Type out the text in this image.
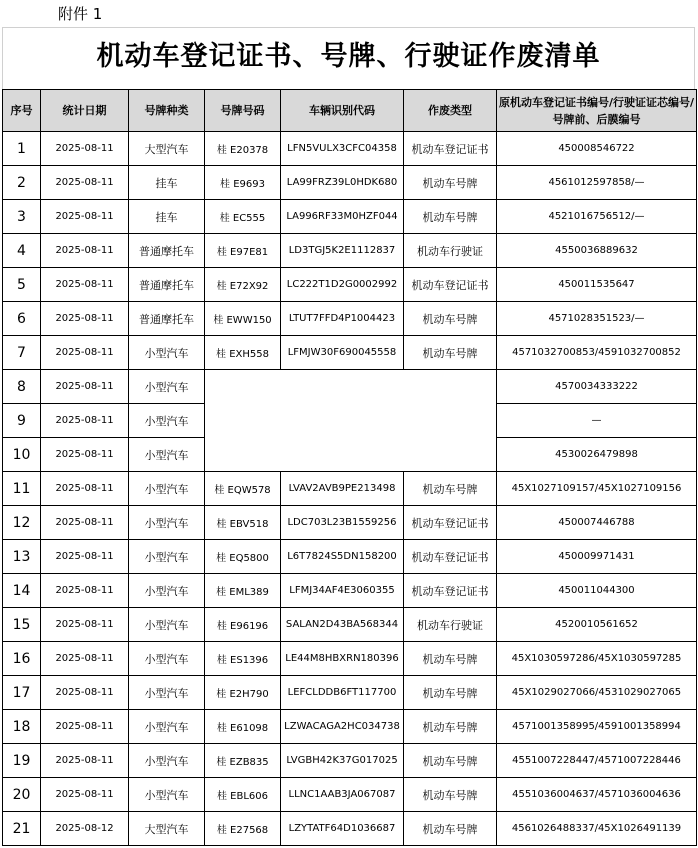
附件 1
机动车登记证书、号牌、行驶证作废清单
序号	统计日期	号牌种类	号牌号码	车辆识别代码	作废类型	原机动车登记证书编号/行驶证证芯编号/号牌前、后膜编号
1	2025-08-11	大型汽车	桂 E20378	LFN5VULX3CFC04358	机动车登记证书	450008546722
2	2025-08-11	挂车	桂 E9693	LA99FRZ39L0HDK680	机动车号牌	4561012597858/—
3	2025-08-11	挂车	桂 EC555	LA996RF33M0HZF044	机动车号牌	4521016756512/—
4	2025-08-11	普通摩托车	桂 E97E81	LD3TGJ5K2E1112837	机动车行驶证	4550036889632
5	2025-08-11	普通摩托车	桂 E72X92	LC222T1D2G0002992	机动车登记证书	450011535647
6	2025-08-11	普通摩托车	桂 EWW150	LTUT7FFD4P1004423	机动车号牌	4571028351523/—
7	2025-08-11	小型汽车	桂 EXH558	LFMJW30F690045558	机动车号牌	4571032700853/4591032700852
8	2025-08-11	小型汽车				4570034333222
9	2025-08-11	小型汽车				—
10	2025-08-11	小型汽车				4530026479898
11	2025-08-11	小型汽车	桂 EQW578	LVAV2AVB9PE213498	机动车号牌	45X1027109157/45X1027109156
12	2025-08-11	小型汽车	桂 EBV518	LDC703L23B1559256	机动车登记证书	450007446788
13	2025-08-11	小型汽车	桂 EQ5800	L6T7824S5DN158200	机动车登记证书	450009971431
14	2025-08-11	小型汽车	桂 EML389	LFMJ34AF4E3060355	机动车登记证书	450011044300
15	2025-08-11	小型汽车	桂 E96196	SALAN2D43BA568344	机动车行驶证	4520010561652
16	2025-08-11	小型汽车	桂 ES1396	LE44M8HBXRN180396	机动车号牌	45X1030597286/45X1030597285
17	2025-08-11	小型汽车	桂 E2H790	LEFCLDDB6FT117700	机动车号牌	45X1029027066/4531029027065
18	2025-08-11	小型汽车	桂 E61098	LZWACAGA2HC034738	机动车号牌	4571001358995/4591001358994
19	2025-08-11	小型汽车	桂 EZB835	LVGBH42K37G017025	机动车号牌	4551007228447/4571007228446
20	2025-08-11	小型汽车	桂 EBL606	LLNC1AAB3JA067087	机动车号牌	4551036004637/4571036004636
21	2025-08-12	大型汽车	桂 E27568	LZYTATF64D1036687	机动车号牌	4561026488337/45X1026491139
